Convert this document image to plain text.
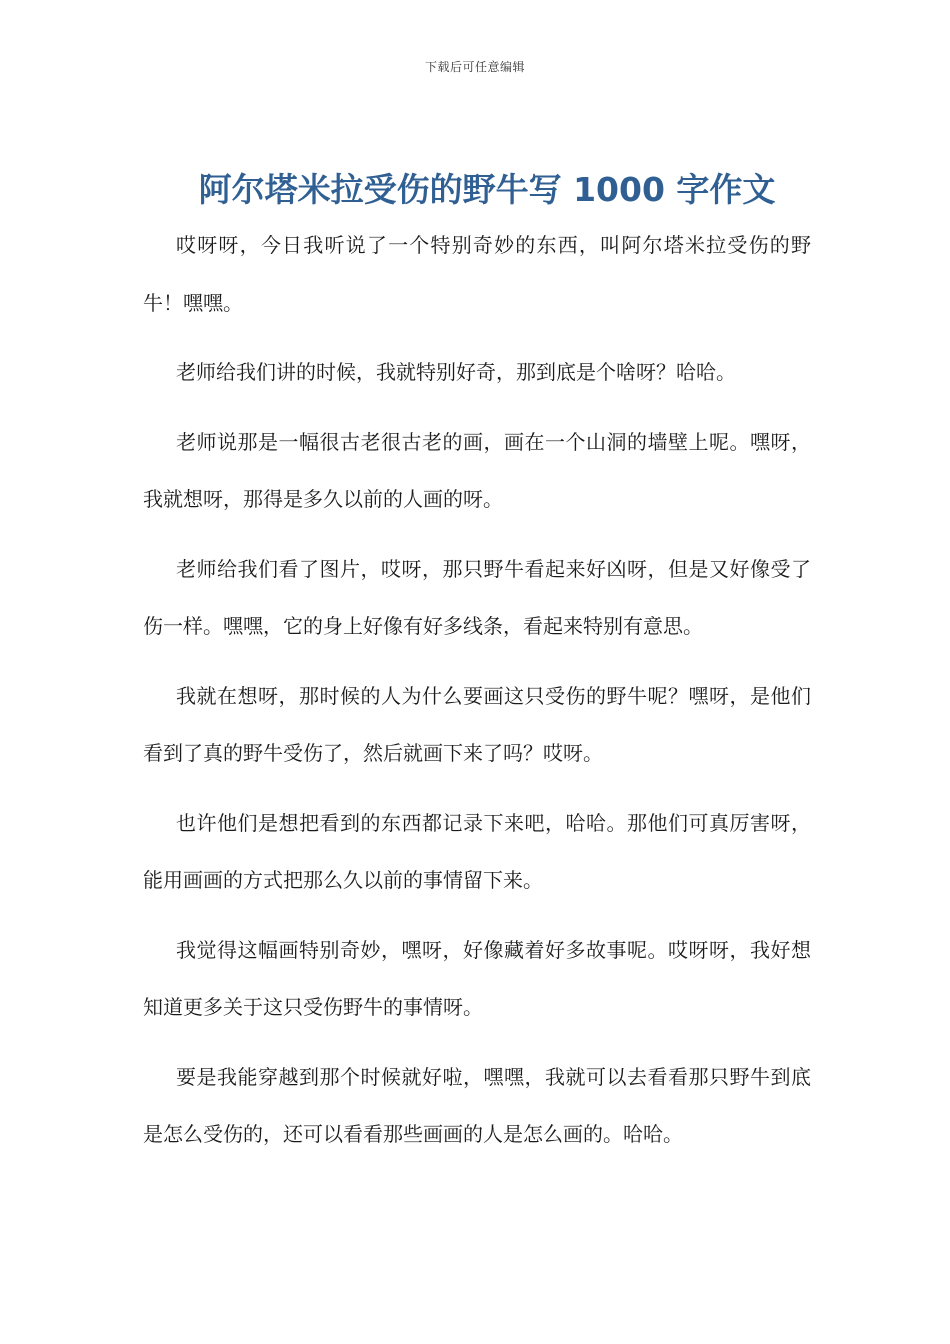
下载后可任意编辑
阿尔塔米拉受伤的野牛写 1000 字作文

哎呀呀，今日我听说了一个特别奇妙的东西，叫阿尔塔米拉受伤的野牛！嘿嘿。

老师给我们讲的时候，我就特别好奇，那到底是个啥呀？哈哈。

老师说那是一幅很古老很古老的画，画在一个山洞的墙壁上呢。嘿呀，我就想呀，那得是多久以前的人画的呀。

老师给我们看了图片，哎呀，那只野牛看起来好凶呀，但是又好像受了伤一样。嘿嘿，它的身上好像有好多线条，看起来特别有意思。

我就在想呀，那时候的人为什么要画这只受伤的野牛呢？嘿呀，是他们看到了真的野牛受伤了，然后就画下来了吗？哎呀。

也许他们是想把看到的东西都记录下来吧，哈哈。那他们可真厉害呀，能用画画的方式把那么久以前的事情留下来。

我觉得这幅画特别奇妙，嘿呀，好像藏着好多故事呢。哎呀呀，我好想知道更多关于这只受伤野牛的事情呀。

要是我能穿越到那个时候就好啦，嘿嘿，我就可以去看看那只野牛到底是怎么受伤的，还可以看看那些画画的人是怎么画的。哈哈。
